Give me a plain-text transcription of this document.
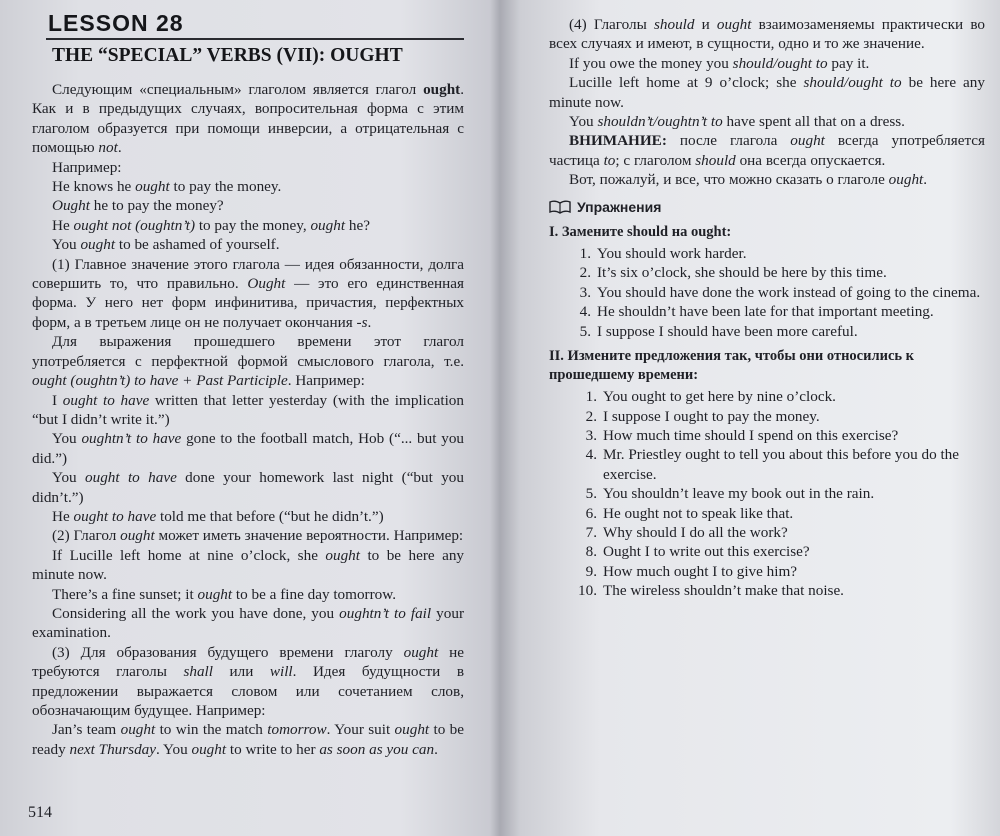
LESSON 28
THE “SPECIAL” VERBS (VII): OUGHT

Следующим «специальным» глаголом является глагол ought. Как и в предыдущих случаях, вопросительная форма с этим глаголом образуется при помощи инверсии, а отрицательная с помощью not.

Например:

He knows he ought to pay the money.

Ought he to pay the money?

He ought not (oughtn’t) to pay the money, ought he?

You ought to be ashamed of yourself.

(1) Главное значение этого глагола — идея обязанности, долга совершить то, что правильно. Ought — это его единственная форма. У него нет форм инфинитива, причастия, перфектных форм, а в третьем лице он не получает окончания -s.

Для выражения прошедшего времени этот глагол употребляется с перфектной формой смыслового глагола, т.е. ought (oughtn’t) to have + Past Participle. Например:

I ought to have written that letter yesterday (with the implication “but I didn’t write it.”)

You oughtn’t to have gone to the football match, Hob (“... but you did.”)

You ought to have done your homework last night (“but you didn’t.”)

He ought to have told me that before (“but he didn’t.”)

(2) Глагол ought может иметь значение вероятности. Например:

If Lucille left home at nine o’clock, she ought to be here any minute now.

There’s a fine sunset; it ought to be a fine day tomorrow.

Considering all the work you have done, you oughtn’t to fail your examination.

(3) Для образования будущего времени глаголу ought не требуются глаголы shall или will. Идея будущности в предложении выражается словом или сочетанием слов, обозначающим будущее. Например:

Jan’s team ought to win the match tomorrow. Your suit ought to be ready next Thursday. You ought to write to her as soon as you can.

514

(4) Глаголы should и ought взаимозаменяемы практически во всех случаях и имеют, в сущности, одно и то же значение.

If you owe the money you should/ought to pay it.

Lucille left home at 9 o’clock; she should/ought to be here any minute now.

You shouldn’t/oughtn’t to have spent all that on a dress.

ВНИМАНИЕ: после глагола ought всегда употребляется частица to; с глаголом should она всегда опускается.

Вот, пожалуй, и все, что можно сказать о глаголе ought.

Упражнения
I. Замените should на ought:
1. You should work harder.
2. It’s six o’clock, she should be here by this time.
3. You should have done the work instead of going to the cinema.
4. He shouldn’t have been late for that important meeting.
5. I suppose I should have been more careful.
II. Измените предложения так, чтобы они относились к прошедшему времени:
1. You ought to get here by nine o’clock.
2. I suppose I ought to pay the money.
3. How much time should I spend on this exercise?
4. Mr. Priestley ought to tell you about this before you do the exercise.
5. You shouldn’t leave my book out in the rain.
6. He ought not to speak like that.
7. Why should I do all the work?
8. Ought I to write out this exercise?
9. How much ought I to give him?
10. The wireless shouldn’t make that noise.
